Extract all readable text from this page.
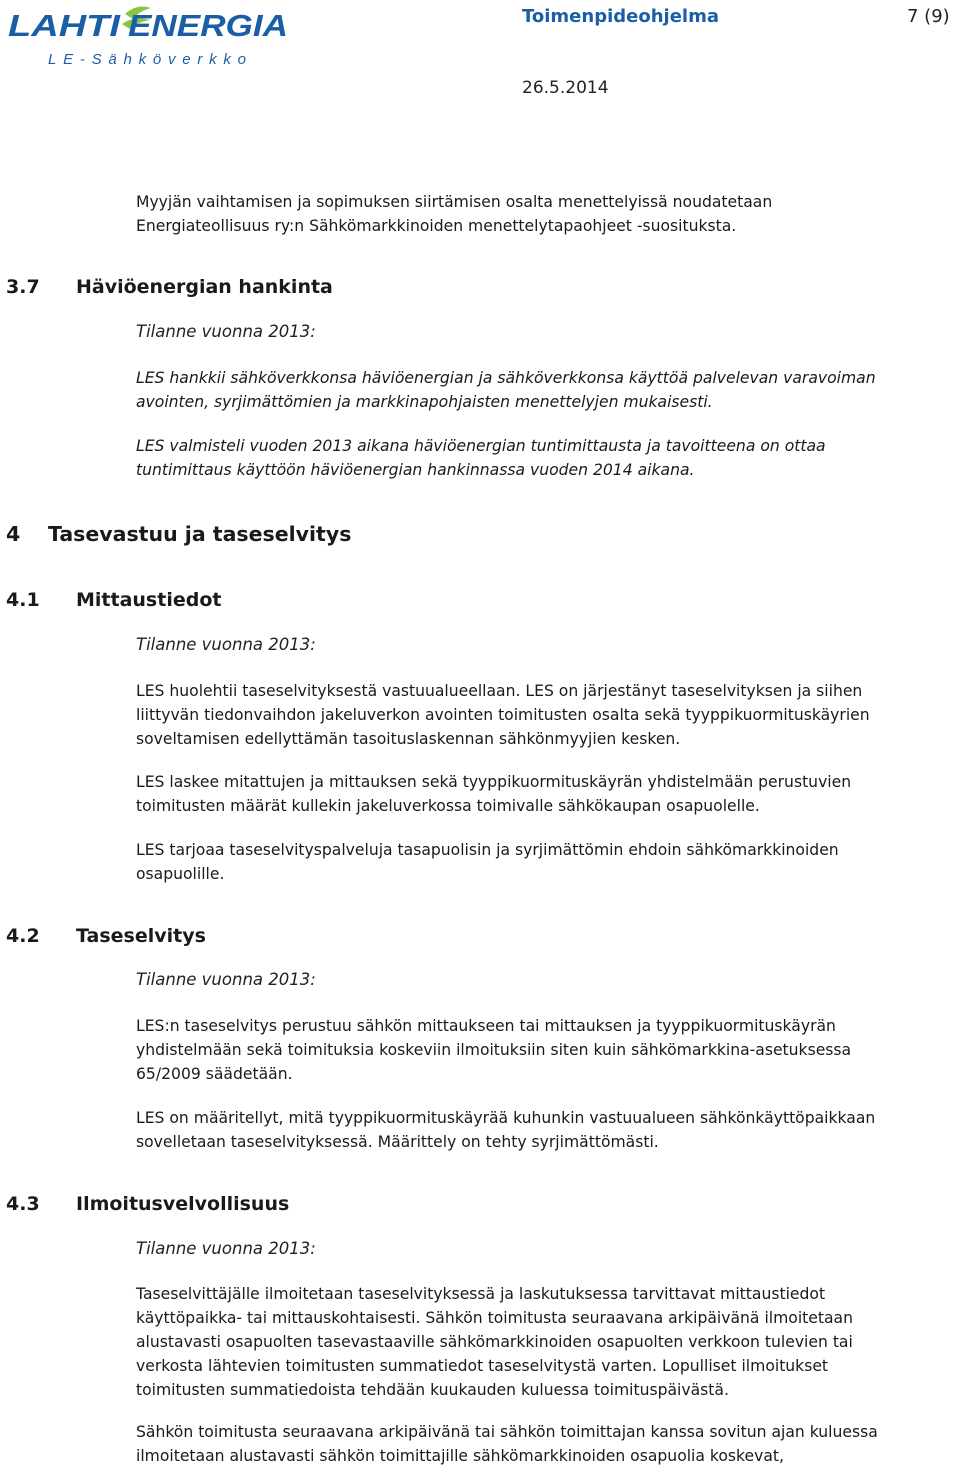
LAHTI ENERGIA
LE-Sähköverkko
Toimenpideohjelma	7 (9)
26.5.2014
Myyjän vaihtamisen ja sopimuksen siirtämisen osalta menettelyissä noudatetaan
Energiateollisuus ry:n Sähkömarkkinoiden menettelytapaohjeet -suosituksta.
3.7 Häviöenergian hankinta
Tilanne vuonna 2013:
LES hankkii sähköverkkonsa häviöenergian ja sähköverkkonsa käyttöä palvelevan varavoiman
avointen, syrjimättömien ja markkinapohjaisten menettelyjen mukaisesti.
LES valmisteli vuoden 2013 aikana häviöenergian tuntimittausta ja tavoitteena on ottaa
tuntimittaus käyttöön häviöenergian hankinnassa vuoden 2014 aikana.
4 Tasevastuu ja taseselvitys
4.1 Mittaustiedot
Tilanne vuonna 2013:
LES huolehtii taseselvityksestä vastuualueellaan. LES on järjestänyt taseselvityksen ja siihen
liittyvän tiedonvaihdon jakeluverkon avointen toimitusten osalta sekä tyyppikuormituskäyrien
soveltamisen edellyttämän tasoituslaskennan sähkönmyyjien kesken.
LES laskee mitattujen ja mittauksen sekä tyyppikuormituskäyrän yhdistelmään perustuvien
toimitusten määrät kullekin jakeluverkossa toimivalle sähkökaupan osapuolelle.
LES tarjoaa taseselvityspalveluja tasapuolisin ja syrjimättömin ehdoin sähkömarkkinoiden
osapuolille.
4.2 Taseselvitys
Tilanne vuonna 2013:
LES:n taseselvitys perustuu sähkön mittaukseen tai mittauksen ja tyyppikuormituskäyrän
yhdistelmään sekä toimituksia koskeviin ilmoituksiin siten kuin sähkömarkkina-asetuksessa
65/2009 säädetään.
LES on määritellyt, mitä tyyppikuormituskäyrää kuhunkin vastuualueen sähkönkäyttöpaikkaan
sovelletaan taseselvityksessä. Määrittely on tehty syrjimättömästi.
4.3 Ilmoitusvelvollisuus
Tilanne vuonna 2013:
Taseselvittäjälle ilmoitetaan taseselvityksessä ja laskutuksessa tarvittavat mittaustiedot
käyttöpaikka- tai mittauskohtaisesti. Sähkön toimitusta seuraavana arkipäivänä ilmoitetaan
alustavasti osapuolten tasevastaaville sähkömarkkinoiden osapuolten verkkoon tulevien tai
verkosta lähtevien toimitusten summatiedot taseselvitystä varten. Lopulliset ilmoitukset
toimitusten summatiedoista tehdään kuukauden kuluessa toimituspäivästä.
Sähkön toimitusta seuraavana arkipäivänä tai sähkön toimittajan kanssa sovitun ajan kuluessa
ilmoitetaan alustavasti sähkön toimittajille sähkömarkkinoiden osapuolia koskevat,
